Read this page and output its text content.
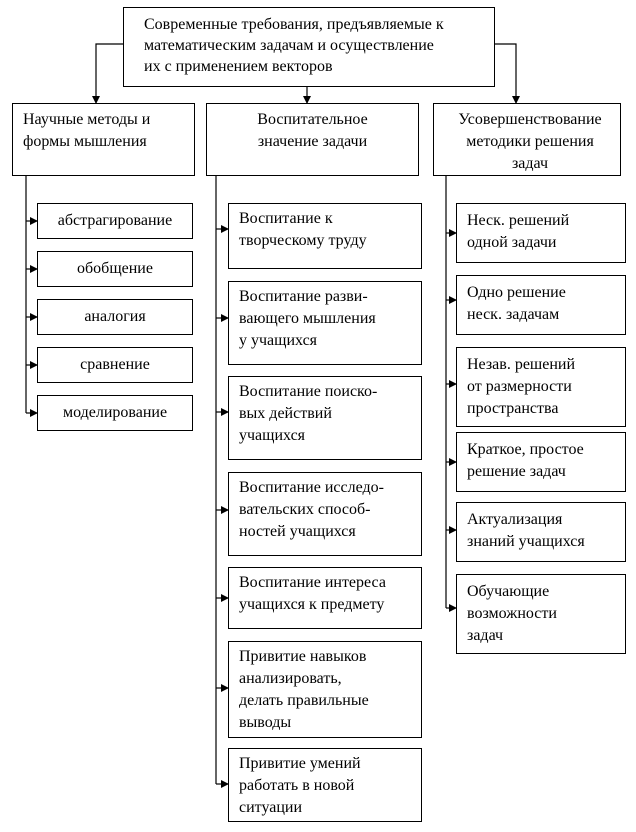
Современные требования, предъявляемые к
математическим задачам и осуществление
их с применением векторов
Научные методы и
формы мышления
Воспитательное
значение задачи
Усовершенствование
методики решения
задач
абстрагирование
обобщение
аналогия
сравнение
моделирование
Воспитание к
творческому труду
Воспитание разви-
вающего мышления
у учащихся
Воспитание поиско-
вых действий
учащихся
Воспитание исследо-
вательских способ-
ностей учащихся
Воспитание интереса
учащихся к предмету
Привитие навыков
анализировать,
делать правильные
выводы
Привитие умений
работать в новой
ситуации
Неск. решений
одной задачи
Одно решение
неск. задачам
Незав. решений
от размерности
пространства
Краткое, простое
решение задач
Актуализация
знаний учащихся
Обучающие
возможности
задач
